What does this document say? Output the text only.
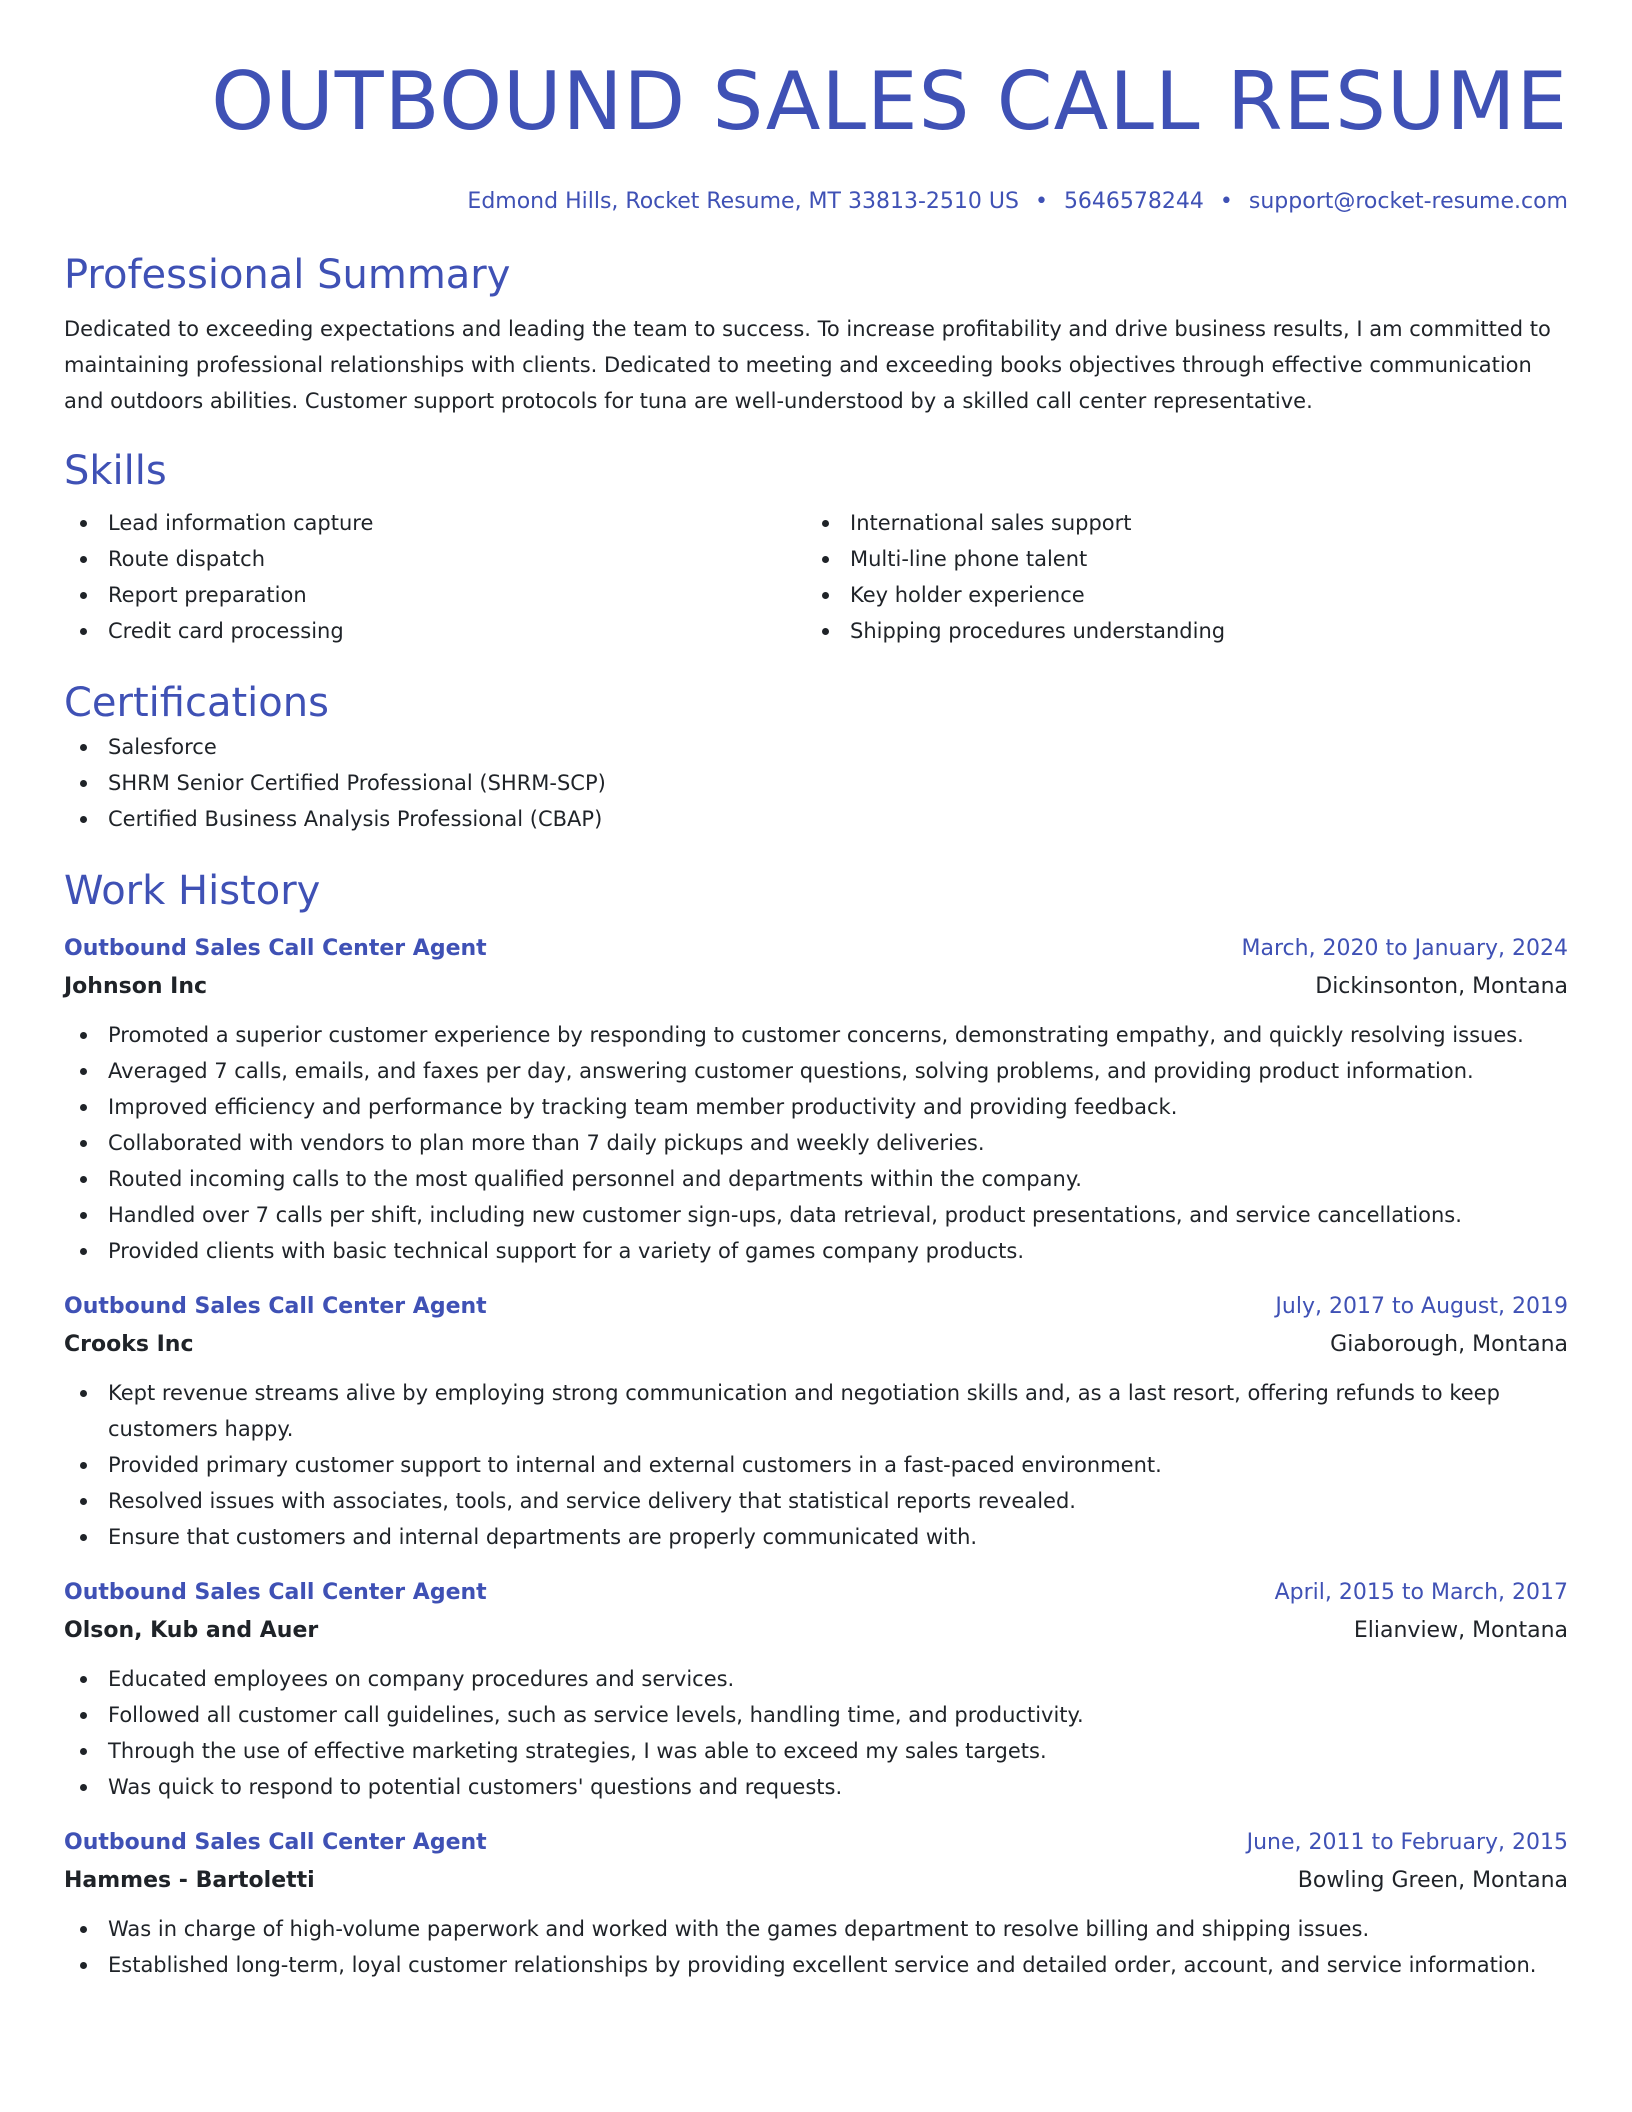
OUTBOUND SALES CALL RESUME
Edmond Hills, Rocket Resume, MT 33813-2510 US • 5646578244 • support@rocket-resume.com
Professional Summary

Dedicated to exceeding expectations and leading the team to success. To increase profitability and drive business results, I am committed to maintaining professional relationships with clients. Dedicated to meeting and exceeding books objectives through effective communication and outdoors abilities. Customer support protocols for tuna are well-understood by a skilled call center representative.

Skills
Lead information capture
Route dispatch
Report preparation
Credit card processing
International sales support
Multi-line phone talent
Key holder experience
Shipping procedures understanding
Certifications
Salesforce
SHRM Senior Certified Professional (SHRM-SCP)
Certified Business Analysis Professional (CBAP)
Work History
Outbound Sales Call Center Agent	March, 2020 to January, 2024
Johnson Inc	Dickinsonton, Montana
Promoted a superior customer experience by responding to customer concerns, demonstrating empathy, and quickly resolving issues.
Averaged 7 calls, emails, and faxes per day, answering customer questions, solving problems, and providing product information.
Improved efficiency and performance by tracking team member productivity and providing feedback.
Collaborated with vendors to plan more than 7 daily pickups and weekly deliveries.
Routed incoming calls to the most qualified personnel and departments within the company.
Handled over 7 calls per shift, including new customer sign-ups, data retrieval, product presentations, and service cancellations.
Provided clients with basic technical support for a variety of games company products.
Outbound Sales Call Center Agent	July, 2017 to August, 2019
Crooks Inc	Giaborough, Montana
Kept revenue streams alive by employing strong communication and negotiation skills and, as a last resort, offering refunds to keep customers happy.
Provided primary customer support to internal and external customers in a fast-paced environment.
Resolved issues with associates, tools, and service delivery that statistical reports revealed.
Ensure that customers and internal departments are properly communicated with.
Outbound Sales Call Center Agent	April, 2015 to March, 2017
Olson, Kub and Auer	Elianview, Montana
Educated employees on company procedures and services.
Followed all customer call guidelines, such as service levels, handling time, and productivity.
Through the use of effective marketing strategies, I was able to exceed my sales targets.
Was quick to respond to potential customers' questions and requests.
Outbound Sales Call Center Agent	June, 2011 to February, 2015
Hammes - Bartoletti	Bowling Green, Montana
Was in charge of high-volume paperwork and worked with the games department to resolve billing and shipping issues.
Established long-term, loyal customer relationships by providing excellent service and detailed order, account, and service information.
